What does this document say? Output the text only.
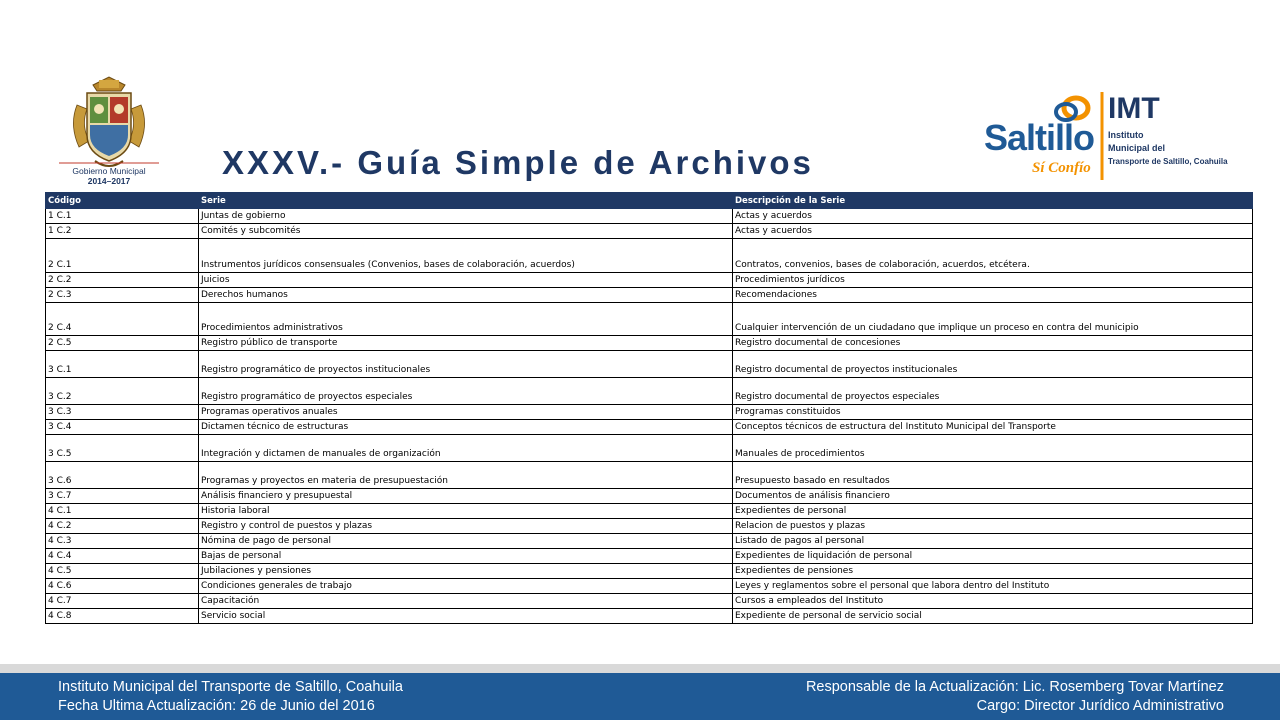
Gobierno Municipal
2014–2017
Saltillo
Sí Confío
IMT
Instituto
Municipal del
Transporte de Saltillo, Coahuila
XXXV.- Guía Simple de Archivos
Código	Serie	Descripción de la Serie
1 C.1	Juntas de gobierno	Actas y acuerdos
1 C.2	Comités y subcomités	Actas y acuerdos
2 C.1	Instrumentos jurídicos consensuales (Convenios, bases de colaboración, acuerdos)	Contratos, convenios, bases de colaboración, acuerdos, etcétera.
2 C.2	Juicios	Procedimientos jurídicos
2 C.3	Derechos humanos	Recomendaciones
2 C.4	Procedimientos administrativos	Cualquier intervención de un ciudadano que implique un proceso en contra del municipio
2 C.5	Registro público de transporte	Registro documental de concesiones
3 C.1	Registro programático de proyectos institucionales	Registro documental de proyectos institucionales
3 C.2	Registro programático de proyectos especiales	Registro documental de proyectos especiales
3 C.3	Programas operativos anuales	Programas constituidos
3 C.4	Dictamen técnico de estructuras	Conceptos técnicos de estructura del Instituto Municipal del Transporte
3 C.5	Integración y dictamen de manuales de organización	Manuales de procedimientos
3 C.6	Programas y proyectos en materia de presupuestación	Presupuesto basado en resultados
3 C.7	Análisis financiero y presupuestal	Documentos de análisis financiero
4 C.1	Historia laboral	Expedientes de personal
4 C.2	Registro y control de puestos y plazas	Relacion de puestos y plazas
4 C.3	Nómina de pago de personal	Listado de pagos al personal
4 C.4	Bajas de personal	Expedientes de liquidación de personal
4 C.5	Jubilaciones y pensiones	Expedientes de pensiones
4 C.6	Condiciones generales de trabajo	Leyes y reglamentos sobre el personal que labora dentro del Instituto
4 C.7	Capacitación	Cursos a empleados del Instituto
4 C.8	Servicio social	Expediente de personal de servicio social
Instituto Municipal del Transporte de Saltillo, Coahuila
Fecha Ultima Actualización: 26 de Junio del 2016
Responsable de la Actualización: Lic. Rosemberg Tovar Martínez
Cargo: Director Jurídico Administrativo
